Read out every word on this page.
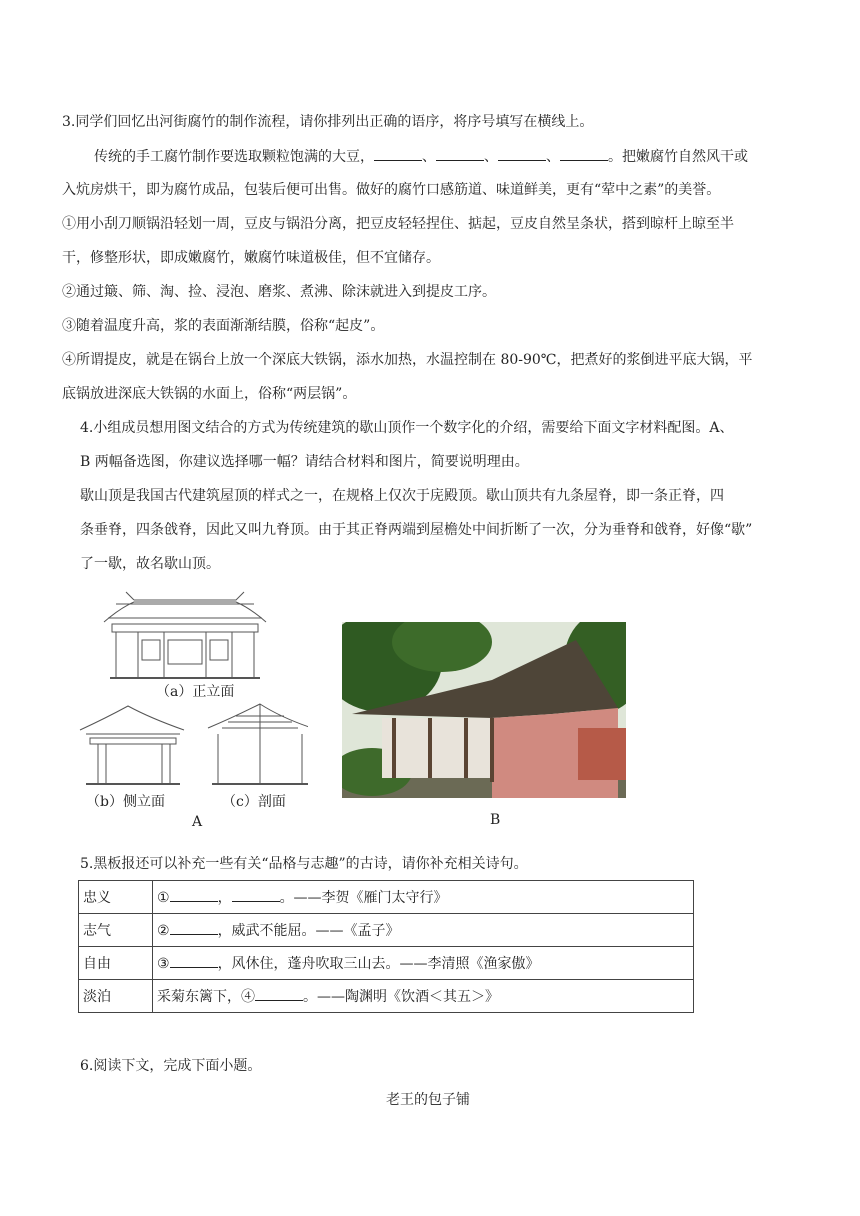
3.同学们回忆出河街腐竹的制作流程，请你排列出正确的语序，将序号填写在横线上。
传统的手工腐竹制作要选取颗粒饱满的大豆，	、	、	、	。把嫩腐竹自然风干或
入炕房烘干，即为腐竹成品，包装后便可出售。做好的腐竹口感筋道、味道鲜美，更有“荤中之素”的美誉。
①用小刮刀顺锅沿轻划一周，豆皮与锅沿分离，把豆皮轻轻捏住、掂起，豆皮自然呈条状，搭到晾杆上晾至半
干，修整形状，即成嫩腐竹，嫩腐竹味道极佳，但不宜储存。
②通过簸、筛、淘、捡、浸泡、磨浆、煮沸、除沫就进入到提皮工序。
③随着温度升高，浆的表面渐渐结膜，俗称“起皮”。
④所谓提皮，就是在锅台上放一个深底大铁锅，添水加热，水温控制在 80-90℃，把煮好的浆倒进平底大锅，平
底锅放进深底大铁锅的水面上，俗称“两层锅”。
4.小组成员想用图文结合的方式为传统建筑的歇山顶作一个数字化的介绍，需要给下面文字材料配图。A、
B 两幅备选图，你建议选择哪一幅？请结合材料和图片，简要说明理由。
歇山顶是我国古代建筑屋顶的样式之一，在规格上仅次于庑殿顶。歇山顶共有九条屋脊，即一条正脊，四
条垂脊，四条戗脊，因此又叫九脊顶。由于其正脊两端到屋檐处中间折断了一次，分为垂脊和戗脊，好像“歇”
了一歇，故名歇山顶。
（a）正立面
（b）侧立面	（c）剖面
A	B
5.黑板报还可以补充一些有关“品格与志趣”的古诗，请你补充相关诗句。
忠义	① ， 。——李贺《雁门太守行》
志气	② ，威武不能屈。——《孟子》
自由	③ ，风休住，蓬舟吹取三山去。——李清照《渔家傲》
淡泊	采菊东篱下，④ 。——陶渊明《饮酒＜其五＞》
6.阅读下文，完成下面小题。
老王的包子铺
